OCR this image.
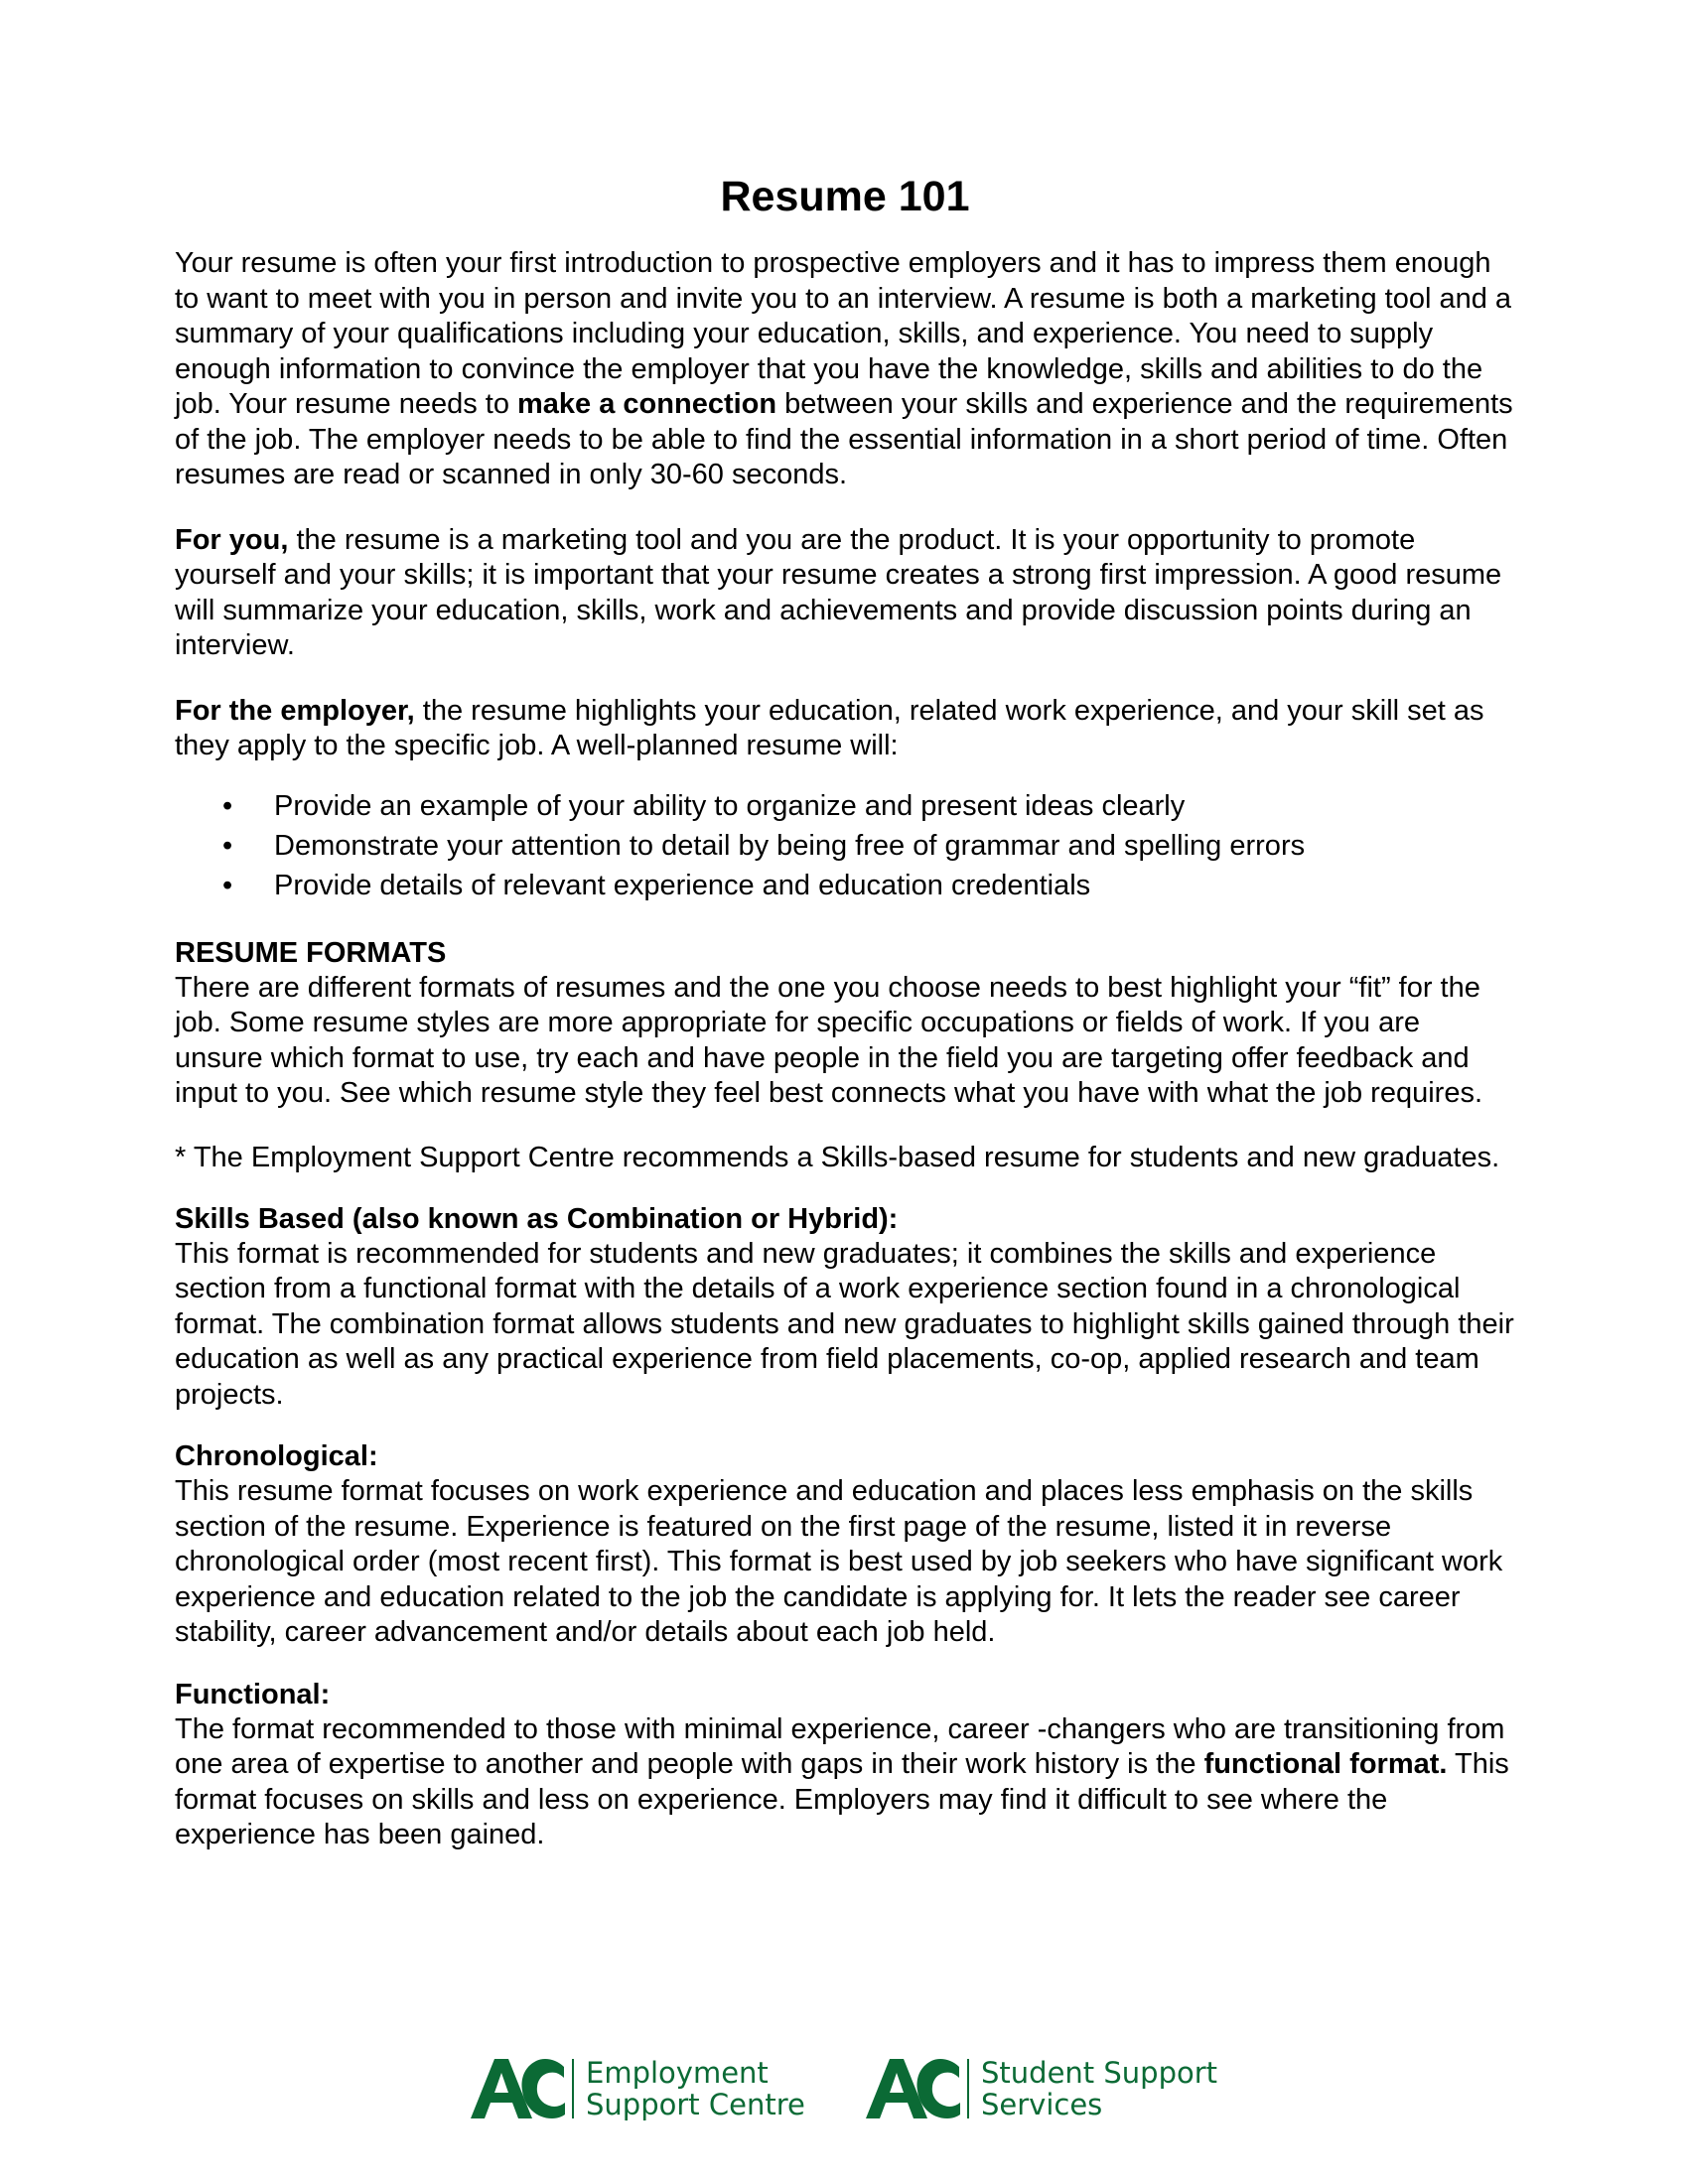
Resume 101

Your resume is often your first introduction to prospective employers and it has to impress them enough to want to meet with you in person and invite you to an interview. A resume is both a marketing tool and a summary of your qualifications including your education, skills, and experience. You need to supply enough information to convince the employer that you have the knowledge, skills and abilities to do the job. Your resume needs to make a connection between your skills and experience and the requirements of the job. The employer needs to be able to find the essential information in a short period of time. Often resumes are read or scanned in only 30-60 seconds.

For you, the resume is a marketing tool and you are the product. It is your opportunity to promote yourself and your skills; it is important that your resume creates a strong first impression. A good resume will summarize your education, skills, work and achievements and provide discussion points during an interview.

For the employer, the resume highlights your education, related work experience, and your skill set as they apply to the specific job. A well-planned resume will:

• Provide an example of your ability to organize and present ideas clearly
• Demonstrate your attention to detail by being free of grammar and spelling errors
• Provide details of relevant experience and education credentials
RESUME FORMATS

There are different formats of resumes and the one you choose needs to best highlight your “fit” for the job. Some resume styles are more appropriate for specific occupations or fields of work. If you are unsure which format to use, try each and have people in the field you are targeting offer feedback and input to you. See which resume style they feel best connects what you have with what the job requires.

* The Employment Support Centre recommends a Skills-based resume for students and new graduates.

Skills Based (also known as Combination or Hybrid):

This format is recommended for students and new graduates; it combines the skills and experience section from a functional format with the details of a work experience section found in a chronological format. The combination format allows students and new graduates to highlight skills gained through their education as well as any practical experience from field placements, co-op, applied research and team projects.

Chronological:

This resume format focuses on work experience and education and places less emphasis on the skills section of the resume. Experience is featured on the first page of the resume, listed it in reverse chronological order (most recent first). This format is best used by job seekers who have significant work experience and education related to the job the candidate is applying for. It lets the reader see career stability, career advancement and/or details about each job held.

Functional:

The format recommended to those with minimal experience, career -changers who are transitioning from one area of expertise to another and people with gaps in their work history is the functional format. This format focuses on skills and less on experience. Employers may find it difficult to see where the experience has been gained.

Employment
Support Centre
Student Support
Services
